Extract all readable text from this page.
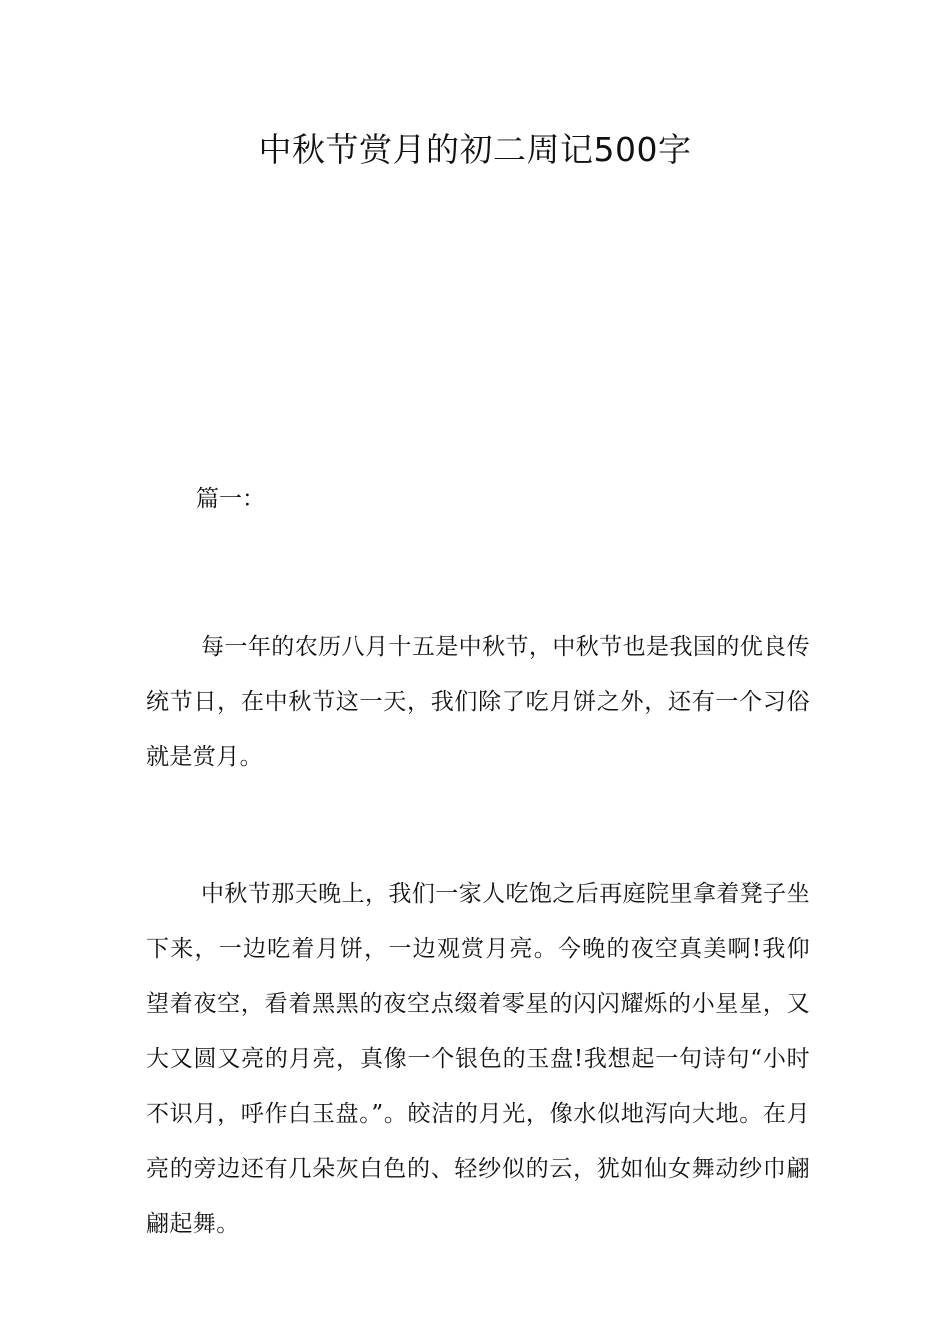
中秋节赏月的初二周记500字

篇一：

每一年的农历八月十五是中秋节，中秋节也是我国的优良传统节日，在中秋节这一天，我们除了吃月饼之外，还有一个习俗就是赏月。

中秋节那天晚上，我们一家人吃饱之后再庭院里拿着凳子坐下来，一边吃着月饼，一边观赏月亮。今晚的夜空真美啊!我仰望着夜空，看着黑黑的夜空点缀着零星的闪闪耀烁的小星星，又大又圆又亮的月亮，真像一个银色的玉盘!我想起一句诗句“小时不识月，呼作白玉盘。”。皎洁的月光，像水似地泻向大地。在月亮的旁边还有几朵灰白色的、轻纱似的云，犹如仙女舞动纱巾翩翩起舞。
